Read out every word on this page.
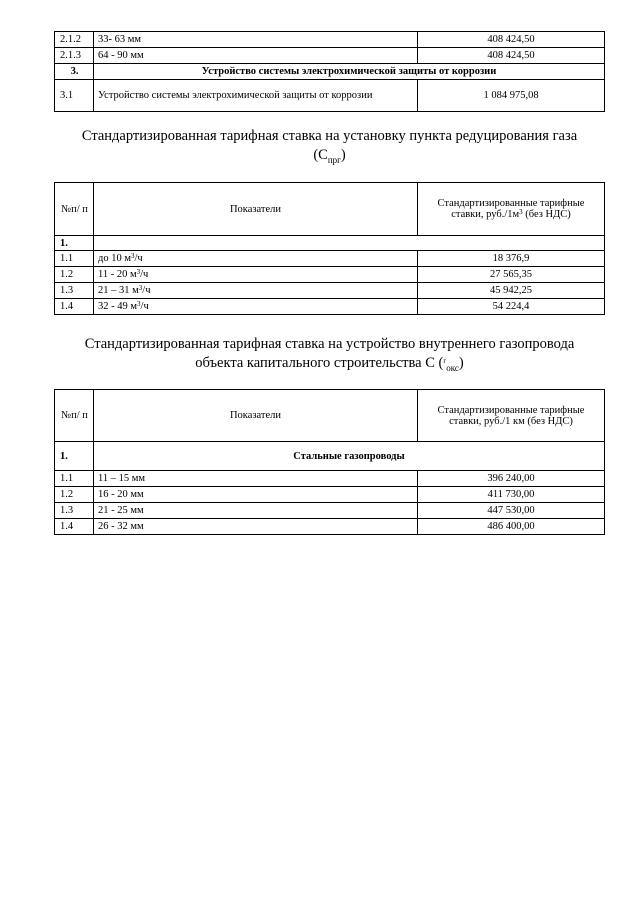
2.1.2	33- 63 мм	408 424,50
2.1.3	64 - 90 мм	408 424,50
3.	Устройство системы электрохимической защиты от коррозии	
3.1	Устройство системы электрохимической защиты от коррозии	1 084 975,08
Стандартизированная тарифная ставка на установку пункта редуцирования газа
$(C_{прг})$
№п/ п	Показатели	Стандартизированные тарифные ставки, $руб./1м^3$ (без НДС)
1.		
1.1	до 10 $м^3/ч$	18 376,9
1.2	11 - 20 $м^3/ч$	27 565,35
1.3	21 – 31 $м^3/ч$	45 942,25
1.4	32 - 49 $м^3/ч$	54 224,4
Стандартизированная тарифная ставка на устройство внутреннего газопровода
объекта капитального строительства C ($^г_{окс}$)
№п/ п	Показатели	Стандартизированные тарифные ставки, руб./1 км (без НДС)
1.	Стальные газопроводы	
1.1	11 – 15 мм	396 240,00
1.2	16 - 20 мм	411 730,00
1.3	21 - 25 мм	447 530,00
1.4	26 - 32 мм	486 400,00
